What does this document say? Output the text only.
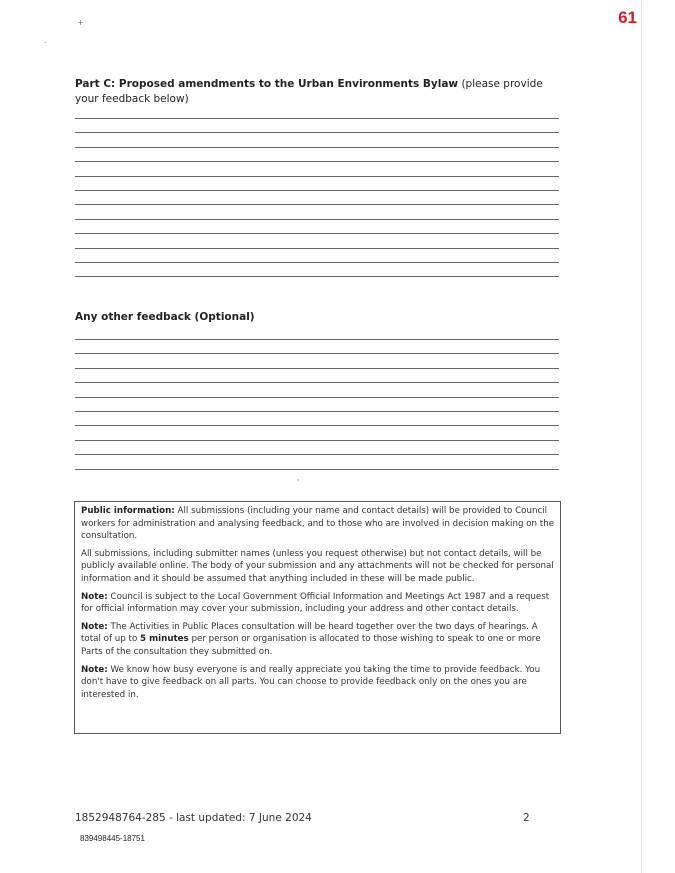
+
.
61
Part C: Proposed amendments to the Urban Environments Bylaw (please provide your feedback below)
Any other feedback (Optional)
'

Public information: All submissions (including your name and contact details) will be provided to Council workers for administration and analysing feedback, and to those who are involved in decision making on the consultation.

All submissions, including submitter names (unless you request otherwise) but not contact details, will be publicly available online. The body of your submission and any attachments will not be checked for personal information and it should be assumed that anything included in these will be made public.

Note: Council is subject to the Local Government Official Information and Meetings Act 1987 and a request for official information may cover your submission, including your address and other contact details.

Note: The Activities in Public Places consultation will be heard together over the two days of hearings. A total of up to 5 minutes per person or organisation is allocated to those wishing to speak to one or more Parts of the consultation they submitted on.

Note: We know how busy everyone is and really appreciate you taking the time to provide feedback. You don't have to give feedback on all parts. You can choose to provide feedback only on the ones you are interested in.

1852948764-285 - last updated: 7 June 2024	2
839498445-18751
